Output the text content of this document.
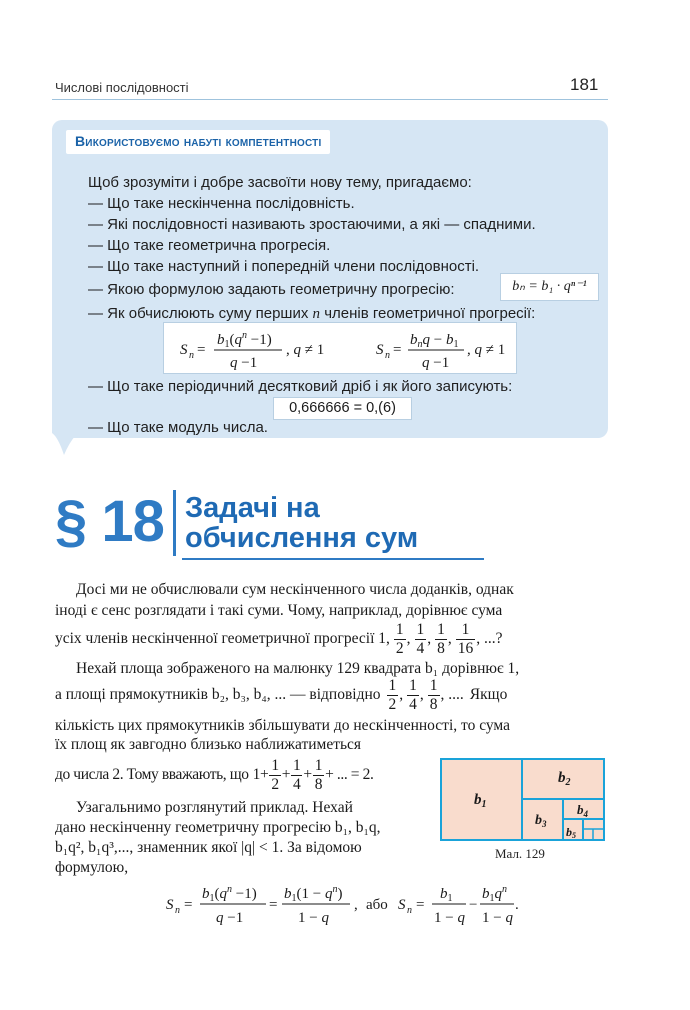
Числові послідовності	181
Використовуємо набуті компетентності
Щоб зрозуміти і добре засвоїти нову тему, пригадаємо:
— Що таке нескінченна послідовність.
— Які послідовності називають зростаючими, а які — спадними.
— Що таке геометрична прогресія.
— Що таке наступний і попередній члени послідовності.
— Якою формулою задають геометричну прогресію:	bₙ = b₁ · qⁿ⁻¹
— Як обчислюють суму перших n членів геометричної прогресії:
S n =
$b_1(q^n -1)$
q −1
, q ≠ 1	S n =
$b_nq - b_1$
q −1
, q ≠ 1
— Що таке періодичний десятковий дріб і як його записують:
0,666666 = 0,(6)
— Що таке модуль числа.
§ 18 Задачі на
обчислення сум
Досі ми не обчислювали сум нескінченного числа доданків, однак
іноді є сенс розглядати і такі суми. Чому, наприклад, дорівнює сума
усіх членів нескінченної геометричної прогресії 1, $\frac{1}{2}$ , $\frac{1}{4}$ , $\frac{1}{8}$ , $\frac{1}{16}$ , ...?
Нехай площа зображеного на малюнку 129 квадрата b₁ дорівнює 1,
а площі прямокутників b₂, b₃, b₄, ... — відповідно $\frac{1}{2}$ , $\frac{1}{4}$ , $\frac{1}{8}$ , .... Якщо
кількість цих прямокутників збільшувати до нескінченності, то сума
їх площ як завгодно близько наближатиметься
до числа 2. Тому вважають, що $1+ \frac{1}{2} + \frac{1}{4} + \frac{1}{8}$ + ... = 2.
Узагальнимо розглянутий приклад. Нехай
дано нескінченну геометричну прогресію b₁, b₁q,
b₁q², b₁q³,..., знаменник якої |q| < 1. За відомою
формулою,
S n =
$b_1(q^n -1)$
q −1
=
$b_1(1 - q^n)$
1 − q
, або S n =
$b_1$
1 − q
−
$b_1q^n$
1 − q
.
$b_1$
$b_2$
$b_3$
$b_4$
b5
Мал. 129
